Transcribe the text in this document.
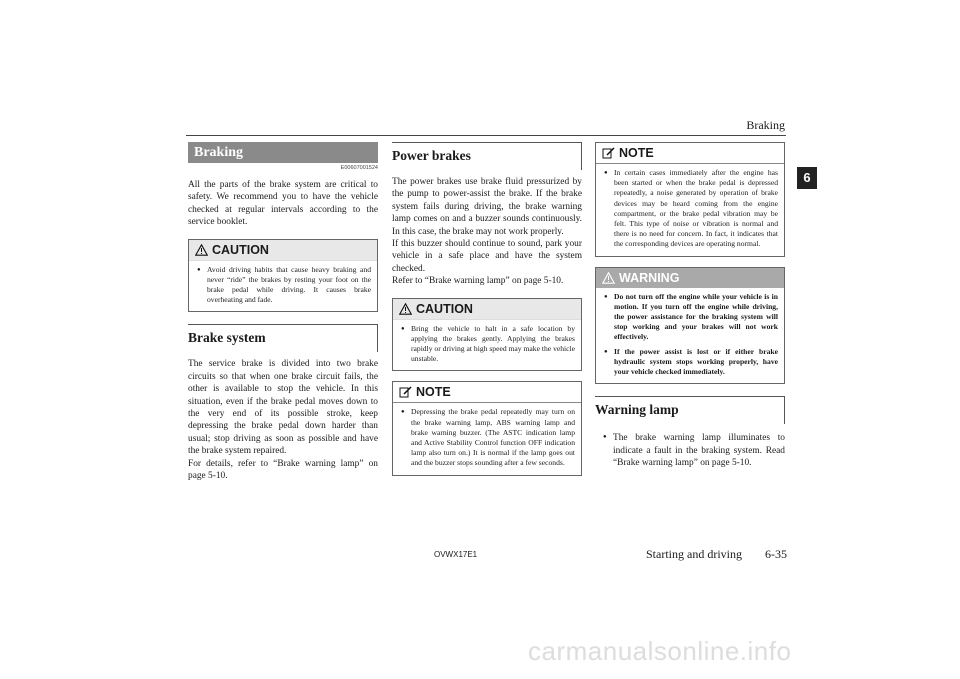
Braking
6
Braking
E00607001524

All the parts of the brake system are critical to safety. We recommend you to have the vehicle checked at regular intervals according to the service booklet.

CAUTION
● Avoid driving habits that cause heavy braking and never “ride” the brakes by resting your foot on the brake pedal while driving. It causes brake overheating and fade.
Brake system

The service brake is divided into two brake circuits so that when one brake circuit fails, the other is available to stop the vehicle. In this situation, even if the brake pedal moves down to the very end of its possible stroke, keep depressing the brake pedal down harder than usual; stop driving as soon as possible and have the brake system repaired.

For details, refer to “Brake warning lamp” on page 5-10.

Power brakes

The power brakes use brake fluid pressurized by the pump to power-assist the brake. If the brake system fails during driving, the brake warning lamp comes on and a buzzer sounds continuously. In this case, the brake may not work properly.

If this buzzer should continue to sound, park your vehicle in a safe place and have the system checked.

Refer to “Brake warning lamp” on page 5-10.

CAUTION
● Bring the vehicle to halt in a safe location by applying the brakes gently. Applying the brakes rapidly or driving at high speed may make the vehicle unstable.
NOTE
● Depressing the brake pedal repeatedly may turn on the brake warning lamp, ABS warning lamp and brake warning buzzer. (The ASTC indication lamp and Active Stability Control function OFF indication lamp also turn on.) It is normal if the lamp goes out and the buzzer stops sounding after a few seconds.
NOTE
● In certain cases immediately after the engine has been started or when the brake pedal is depressed repeatedly, a noise generated by operation of brake devices may be heard coming from the engine compartment, or the brake pedal vibration may be felt. This type of noise or vibration is normal and there is no need for concern. In fact, it indicates that the corresponding devices are operating normal.
WARNING
● Do not turn off the engine while your vehicle is in motion. If you turn off the engine while driving, the power assistance for the braking system will stop working and your brakes will not work effectively.
● If the power assist is lost or if either brake hydraulic system stops working properly, have your vehicle checked immediately.
Warning lamp
● The brake warning lamp illuminates to indicate a fault in the braking system. Read “Brake warning lamp” on page 5-10.
OVWX17E1	Starting and driving 6-35
carmanualsonline.info
